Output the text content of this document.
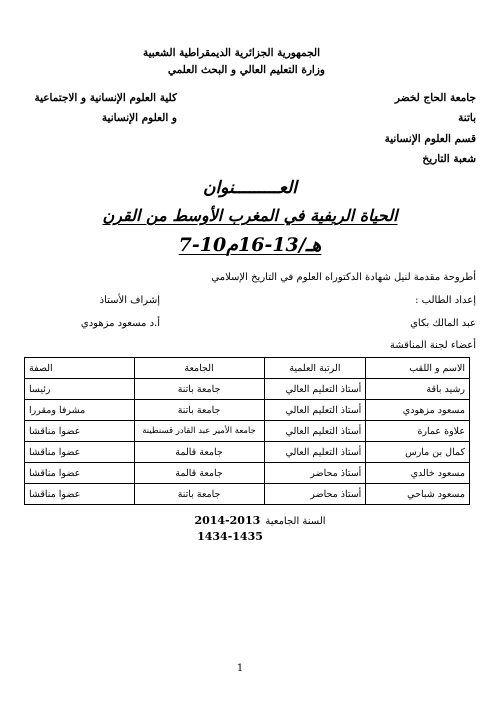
الجمهورية الجزائرية الديمقراطية الشعبية
وزارة التعليم العالي و البحث العلمي
جامعة الحاج لخضر
باتنة
كلية العلوم الإنسانية و الاجتماعية
و العلوم الإنسانية
قسم العلوم الإنسانية
شعبة التاريخ
العـــــــــنوان
الحياة الريفية في المغرب الأوسط من القرن
7-10هـ/13-16م
أطروحة مقدمة لنيل شهادة الدكتوراه العلوم في التاريخ الإسلامي
إعداد الطالب :
إشراف الأستاذ
عبد المالك بكاي
أ.د مسعود مزهودي
أعضاء لجنة المناقشة
الاسم و اللقب	الرتبة العلمية	الجامعة	الصفة
رشيد باقة	أستاذ التعليم العالي	جامعة باتنة	رئيسا
مسعود مزهودي	أستاذ التعليم العالي	جامعة باتنة	مشرفا ومقررا
علاوة عمارة	أستاذ التعليم العالي	جامعة الأمير عبد القادر قسنطينة	عضوا مناقشا
كمال بن مارس	أستاذ التعليم العالي	جامعة قالمة	عضوا مناقشا
مسعود خالدي	أستاذ محاضر	جامعة قالمة	عضوا مناقشا
مسعود شباحي	أستاذ محاضر	جامعة باتنة	عضوا مناقشا
السنة الجامعية 2013-2014
1434-1435
1
